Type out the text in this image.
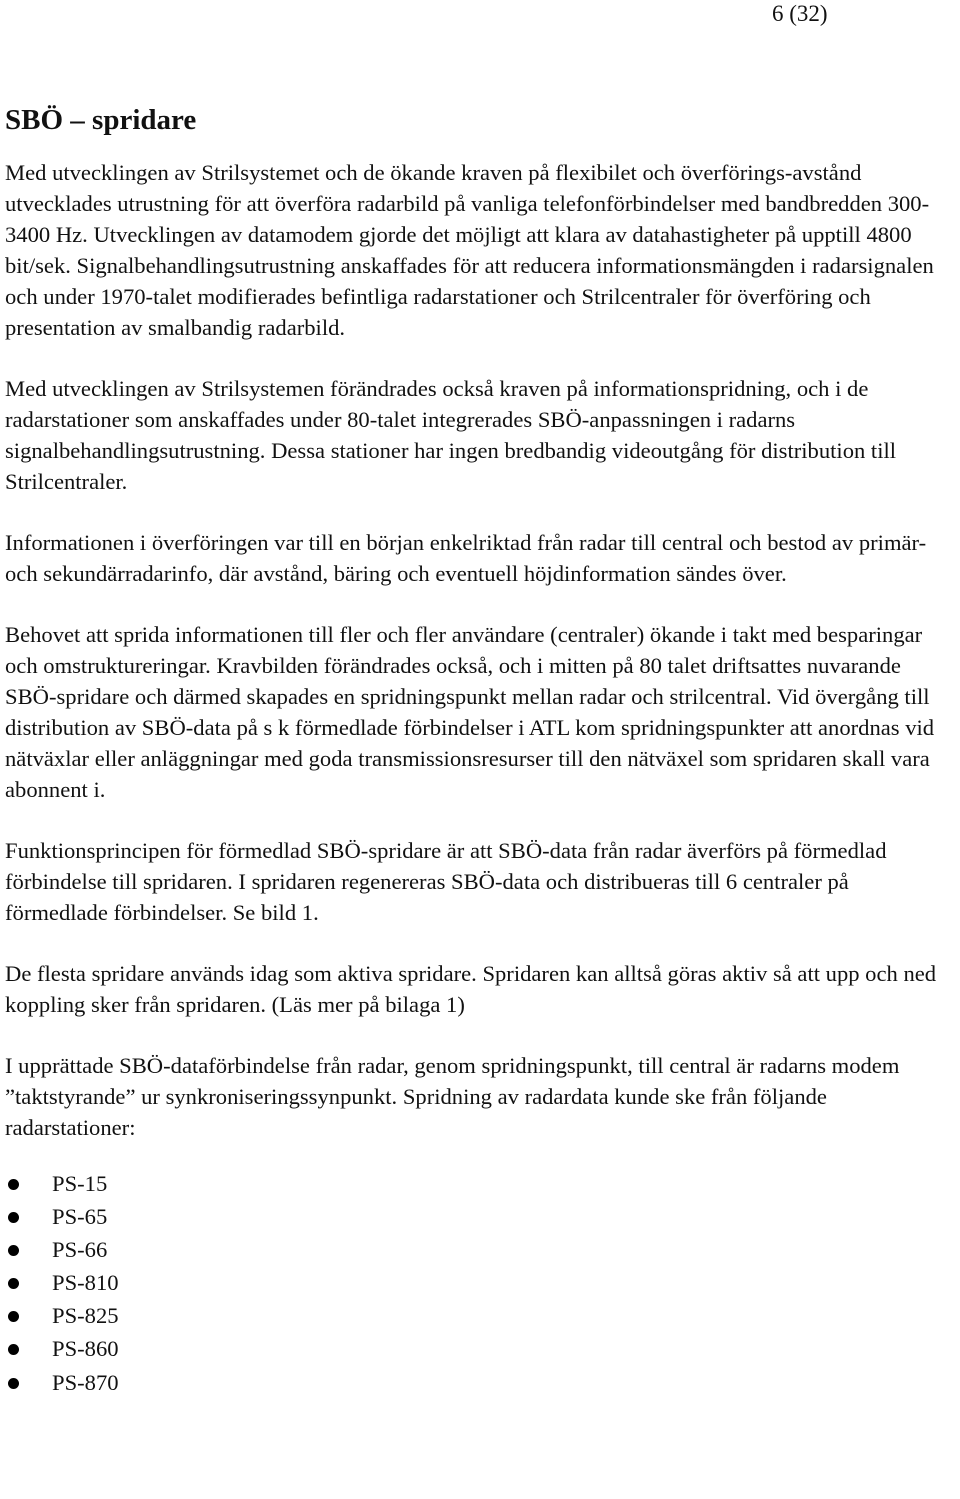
6 (32)
SBÖ – spridare

Med utvecklingen av Strilsystemet och de ökande kraven på flexibilet och överförings-avstånd utvecklades utrustning för att överföra radarbild på vanliga telefonförbindelser med bandbredden 300-3400 Hz. Utvecklingen av datamodem gjorde det möjligt att klara av datahastigheter på upptill 4800 bit/sek. Signalbehandlingsutrustning anskaffades för att reducera informationsmängden i radarsignalen och under 1970-talet modifierades befintliga radarstationer och Strilcentraler för överföring och presentation av smalbandig radarbild.

Med utvecklingen av Strilsystemen förändrades också kraven på informationspridning, och i de radarstationer som anskaffades under 80-talet integrerades SBÖ-anpassningen i radarns signalbehandlingsutrustning. Dessa stationer har ingen bredbandig videoutgång för distribution till Strilcentraler.

Informationen i överföringen var till en början enkelriktad från radar till central och bestod av primär- och sekundärradarinfo, där avstånd, bäring och eventuell höjdinformation sändes över.

Behovet att sprida informationen till fler och fler användare (centraler) ökande i takt med besparingar och omstruktureringar. Kravbilden förändrades också, och i mitten på 80 talet driftsattes nuvarande SBÖ-spridare och därmed skapades en spridningspunkt mellan radar och strilcentral. Vid övergång till distribution av SBÖ-data på s k förmedlade förbindelser i ATL kom spridningspunkter att anordnas vid nätväxlar eller anläggningar med goda transmissionsresurser till den nätväxel som spridaren skall vara abonnent i.

Funktionsprincipen för förmedlad SBÖ-spridare är att SBÖ-data från radar äverförs på förmedlad förbindelse till spridaren. I spridaren regenereras SBÖ-data och distribueras till 6 centraler på förmedlade förbindelser. Se bild 1.

De flesta spridare används idag som aktiva spridare. Spridaren kan alltså göras aktiv så att upp och ned koppling sker från spridaren. (Läs mer på bilaga 1)

I upprättade SBÖ-dataförbindelse från radar, genom spridningspunkt, till central är radarns modem ”taktstyrande” ur synkroniseringssynpunkt. Spridning av radardata kunde ske från följande radarstationer:

PS-15
PS-65
PS-66
PS-810
PS-825
PS-860
PS-870
